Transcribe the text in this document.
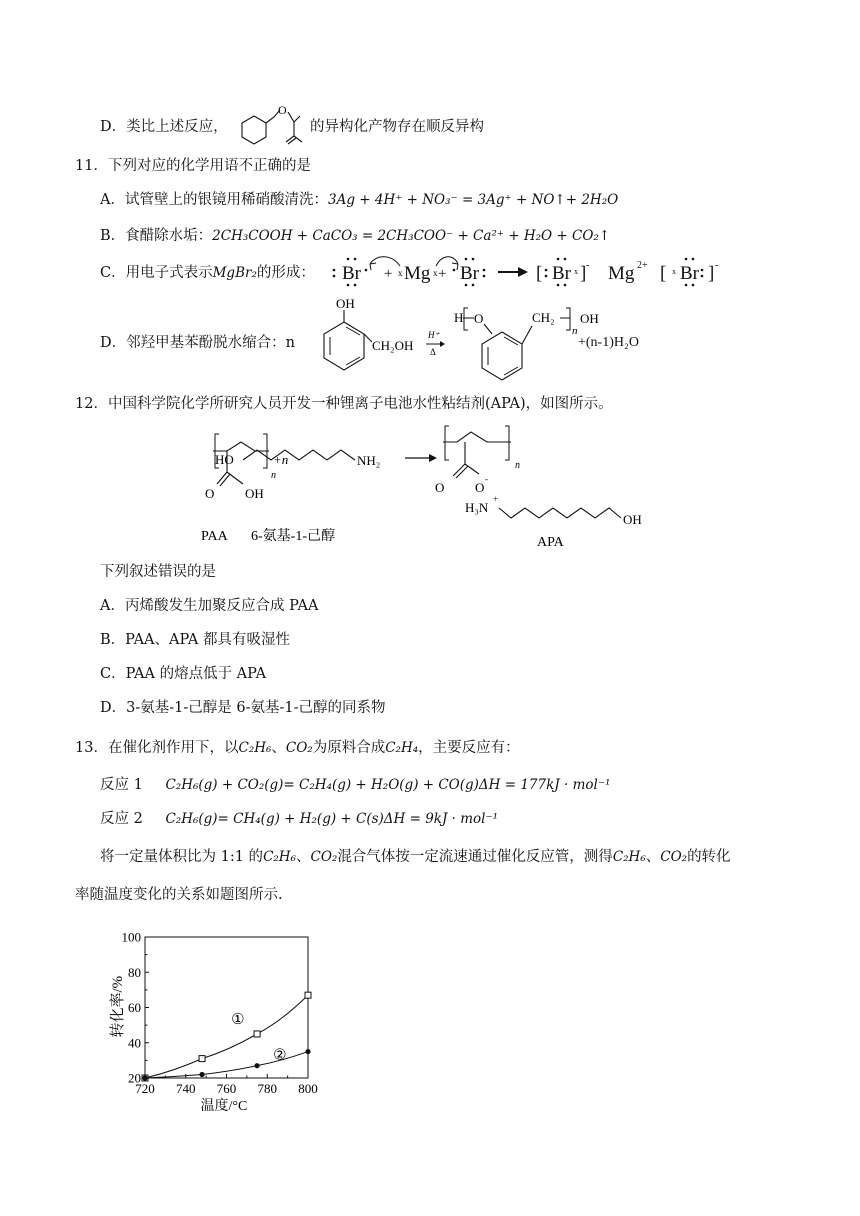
D．类比上述反应，
O
的异构化产物存在顺反异构
11．下列对应的化学用语不正确的是
A．试管壁上的银镜用稀硝酸清洗：3Ag + 4H⁺ + NO₃⁻ = 3Ag⁺ + NO↑+ 2H₂O
B．食醋除水垢：2CH₃COOH + CaCO₃ = 2CH₃COO⁻ + Ca²⁺ + H₂O + CO₂↑
C．用电子式表示MgBr₂的形成： Br + Mg + Br
x	x	[ Br ] Mg [ Br ]
-	2+	-
x	x
D．邻羟甲基苯酚脱水缩合：n
OH
CH₂OH
H⁺
Δ
H O	CH₂
n
OH
+(n-1)H₂O
12．中国科学院化学所研究人员开发一种锂离子电池水性粘结剂(APA)，如图所示。
O OH
n
+n
PAA
HO	NH₂
6-氨基-1-己醇
n
O O
-
H₃N
+
OH
APA
下列叙述错误的是
A．丙烯酸发生加聚反应合成 PAA
B．PAA、APA 都具有吸湿性
C．PAA 的熔点低于 APA
D．3-氨基-1-己醇是 6-氨基-1-己醇的同系物
13．在催化剂作用下，以C₂H₆、CO₂为原料合成C₂H₄，主要反应有：
反应 1 C₂H₆(g) + CO₂(g)= C₂H₄(g) + H₂O(g) + CO(g)ΔH = 177kJ · mol⁻¹
反应 2 C₂H₆(g)= CH₄(g) + H₂(g) + C(s)ΔH = 9kJ · mol⁻¹
将一定量体积比为 1:1 的C₂H₆、CO₂混合气体按一定流速通过催化反应管，测得C₂H₆、CO₂的转化
率随温度变化的关系如题图所示.
720 740 760 780 800
20
40
60
80
100
①
②
转化率/%
温度/°C
